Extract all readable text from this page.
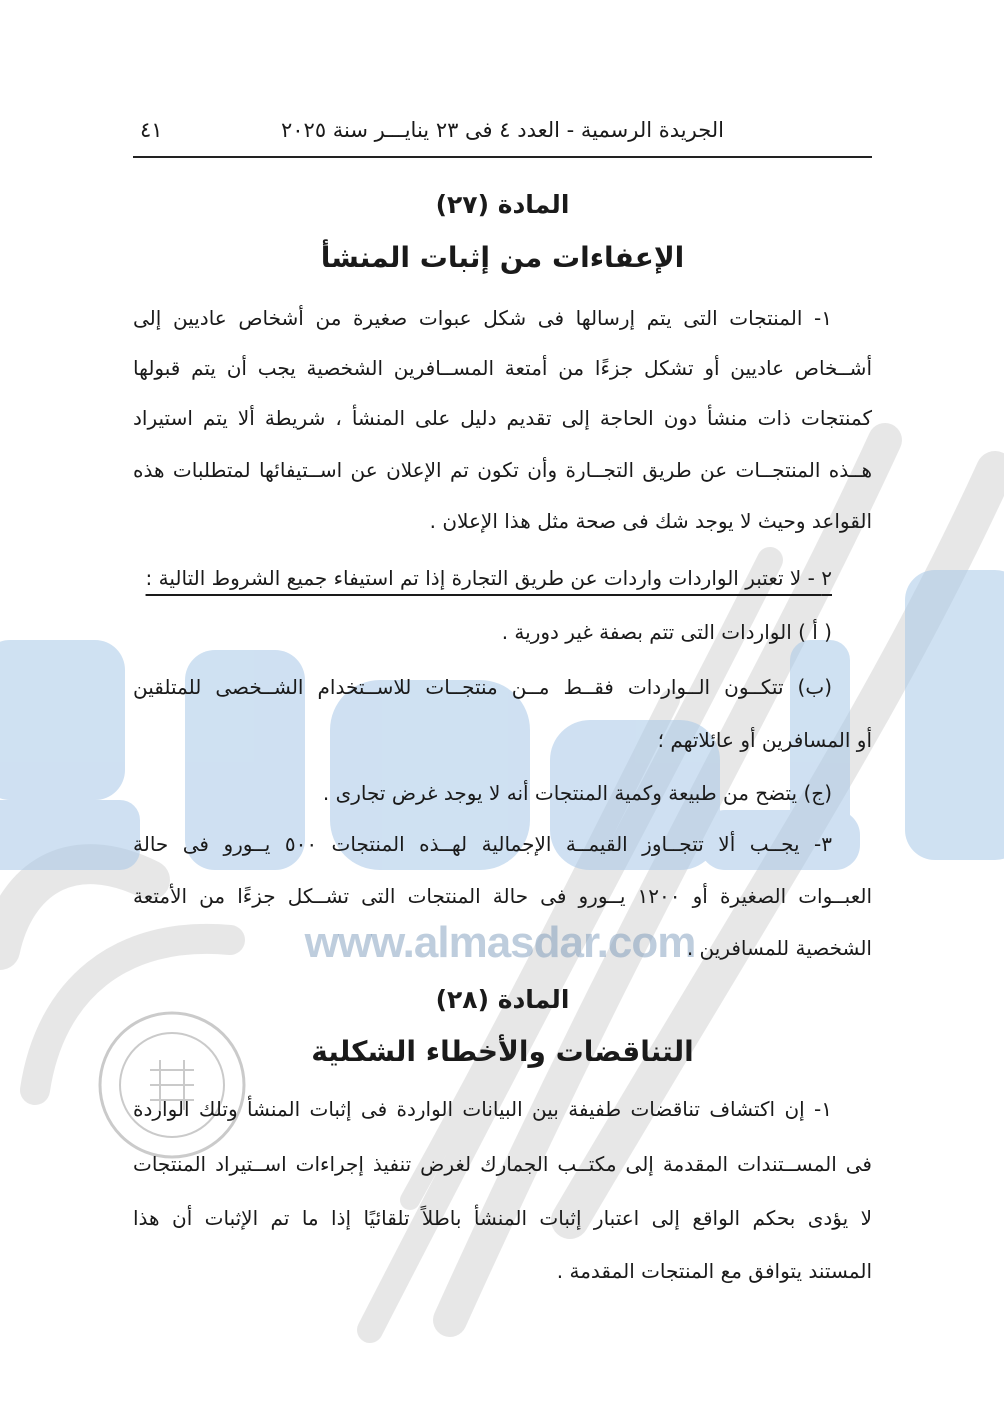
www.almasdar.com
الجريدة الرسمية - العدد ٤ فى ٢٣ ينايـــر سنة ٢٠٢٥
٤١
المادة (٢٧)
الإعفاءات من إثبات المنشأ
١- المنتجات التى يتم إرسالها فى شكل عبوات صغيرة من أشخاص عاديين إلى
أشــخاص عاديين أو تشكل جزءًا من أمتعة المســافرين الشخصية يجب أن يتم قبولها
كمنتجات ذات منشأ دون الحاجة إلى تقديم دليل على المنشأ ، شريطة ألا يتم استيراد
هــذه المنتجــات عن طريق التجــارة وأن تكون تم الإعلان عن اســتيفائها لمتطلبات هذه
القواعد وحيث لا يوجد شك فى صحة مثل هذا الإعلان .
٢ - لا تعتبر الواردات واردات عن طريق التجارة إذا تم استيفاء جميع الشروط التالية :
( أ ) الواردات التى تتم بصفة غير دورية .
(ب) تتكــون الــواردات فقــط مــن منتجــات للاســتخدام الشــخصى للمتلقين
أو المسافرين أو عائلاتهم ؛
(ج) يتضح من طبيعة وكمية المنتجات أنه لا يوجد غرض تجارى .
٣- يجــب ألا تتجــاوز القيمــة الإجمالية لهــذه المنتجات ٥٠٠ يــورو فى حالة
العبــوات الصغيرة أو ١٢٠٠ يــورو فى حالة المنتجات التى تشــكل جزءًا من الأمتعة
الشخصية للمسافرين .
المادة (٢٨)
التناقضات والأخطاء الشكلية
١- إن اكتشاف تناقضات طفيفة بين البيانات الواردة فى إثبات المنشأ وتلك الواردة
فى المســتندات المقدمة إلى مكتــب الجمارك لغرض تنفيذ إجراءات اســتيراد المنتجات
لا يؤدى بحكم الواقع إلى اعتبار إثبات المنشأ باطلاً تلقائيًا إذا ما تم الإثبات أن هذا
المستند يتوافق مع المنتجات المقدمة .
